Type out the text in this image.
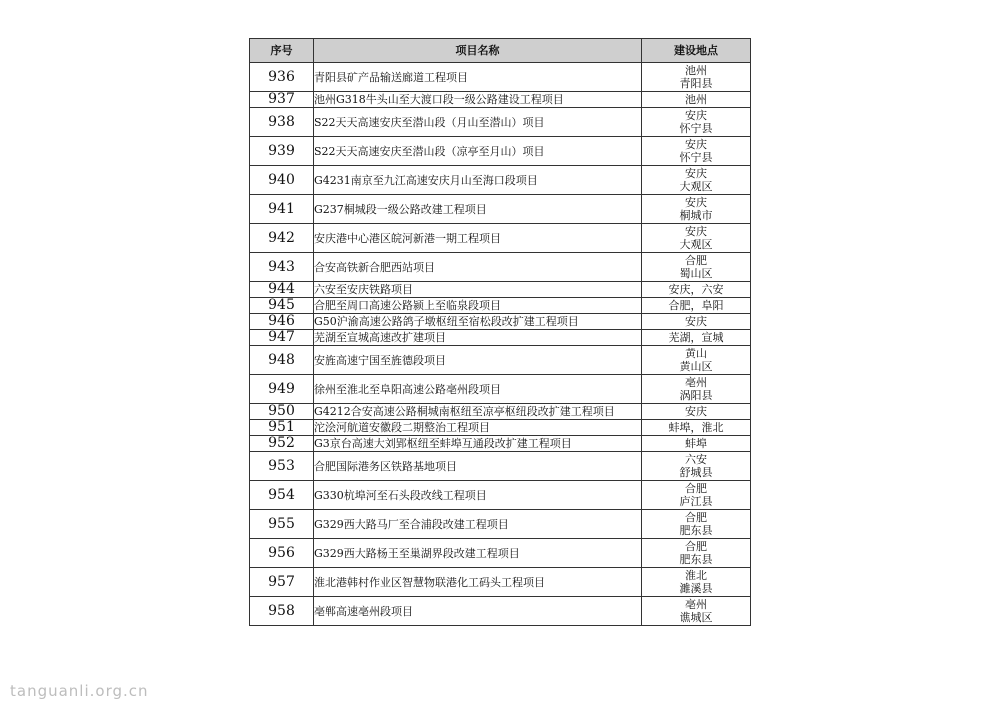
序号	项目名称	建设地点
936	青阳县矿产品输送廊道工程项目	池州
青阳县

937	池州G318牛头山至大渡口段一级公路建设工程项目	池州

938	S22天天高速安庆至潜山段（月山至潜山）项目	安庆
怀宁县

939	S22天天高速安庆至潜山段（凉亭至月山）项目	安庆
怀宁县

940	G4231南京至九江高速安庆月山至海口段项目	安庆
大观区

941	G237桐城段一级公路改建工程项目	安庆
桐城市

942	安庆港中心港区皖河新港一期工程项目	安庆
大观区

943	合安高铁新合肥西站项目	合肥
蜀山区

944	六安至安庆铁路项目	安庆，六安

945	合肥至周口高速公路颍上至临泉段项目	合肥，阜阳

946	G50沪渝高速公路鸽子墩枢纽至宿松段改扩建工程项目	安庆

947	芜湖至宣城高速改扩建项目	芜湖，宣城

948	安旌高速宁国至旌德段项目	黄山
黄山区

949	徐州至淮北至阜阳高速公路亳州段项目	亳州
涡阳县

950	G4212合安高速公路桐城南枢纽至凉亭枢纽段改扩建工程项目	安庆

951	沱浍河航道安徽段二期整治工程项目	蚌埠，淮北

952	G3京台高速大刘郢枢纽至蚌埠互通段改扩建工程项目	蚌埠

953	合肥国际港务区铁路基地项目	六安
舒城县

954	G330杭埠河至石头段改线工程项目	合肥
庐江县

955	G329西大路马厂至合浦段改建工程项目	合肥
肥东县

956	G329西大路杨王至巢湖界段改建工程项目	合肥
肥东县

957	淮北港韩村作业区智慧物联港化工码头工程项目	淮北
濉溪县

958	亳郸高速亳州段项目	亳州
谯城区
tanguanli.org.cn
